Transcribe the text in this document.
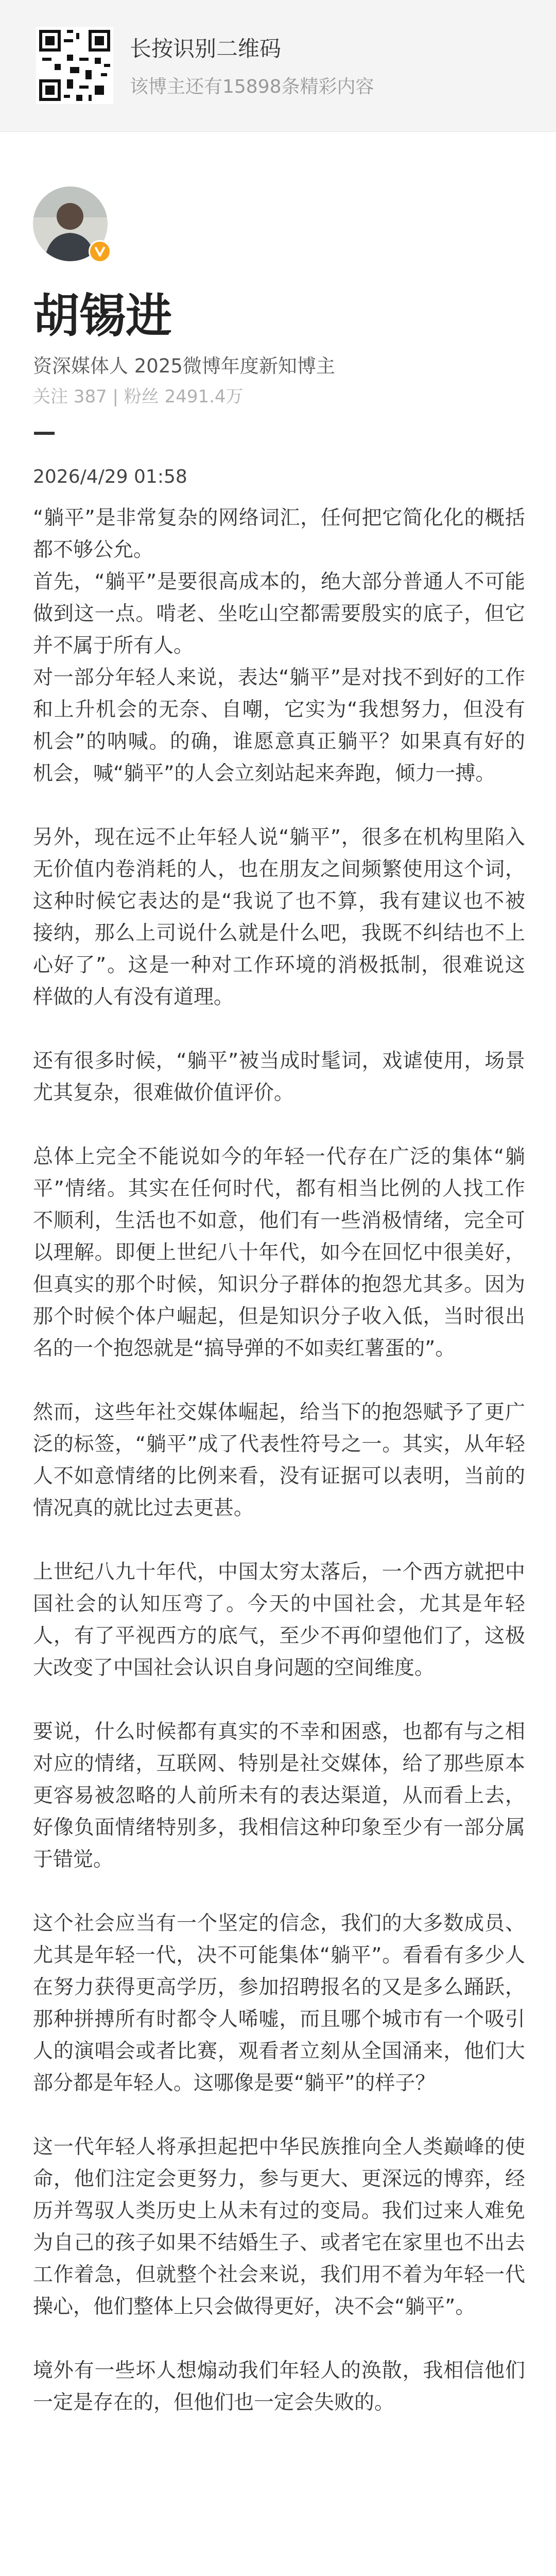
长按识别二维码
该博主还有15898条精彩内容
胡锡进
资深媒体人 2025微博年度新知博主
关注 387 | 粉丝 2491.4万
2026/4/29 01:58

“躺平”是非常复杂的网络词汇，任何把它简化化的概括都不够公允。

首先，“躺平”是要很高成本的，绝大部分普通人不可能做到这一点。啃老、坐吃山空都需要殷实的底子，但它并不属于所有人。

对一部分年轻人来说，表达“躺平”是对找不到好的工作和上升机会的无奈、自嘲，它实为“我想努力，但没有机会”的呐喊。的确，谁愿意真正躺平？如果真有好的机会，喊“躺平”的人会立刻站起来奔跑，倾力一搏。

另外，现在远不止年轻人说“躺平”，很多在机构里陷入无价值内卷消耗的人，也在朋友之间频繁使用这个词，这种时候它表达的是“我说了也不算，我有建议也不被接纳，那么上司说什么就是什么吧，我既不纠结也不上心好了”。这是一种对工作环境的消极抵制，很难说这样做的人有没有道理。

还有很多时候，“躺平”被当成时髦词，戏谑使用，场景尤其复杂，很难做价值评价。

总体上完全不能说如今的年轻一代存在广泛的集体“躺平”情绪。其实在任何时代，都有相当比例的人找工作不顺利，生活也不如意，他们有一些消极情绪，完全可以理解。即便上世纪八十年代，如今在回忆中很美好，但真实的那个时候，知识分子群体的抱怨尤其多。因为那个时候个体户崛起，但是知识分子收入低，当时很出名的一个抱怨就是“搞导弹的不如卖红薯蛋的”。

然而，这些年社交媒体崛起，给当下的抱怨赋予了更广泛的标签，“躺平”成了代表性符号之一。其实，从年轻人不如意情绪的比例来看，没有证据可以表明，当前的情况真的就比过去更甚。

上世纪八九十年代，中国太穷太落后，一个西方就把中国社会的认知压弯了。今天的中国社会，尤其是年轻人，有了平视西方的底气，至少不再仰望他们了，这极大改变了中国社会认识自身问题的空间维度。

要说，什么时候都有真实的不幸和困惑，也都有与之相对应的情绪，互联网、特别是社交媒体，给了那些原本更容易被忽略的人前所未有的表达渠道，从而看上去，好像负面情绪特别多，我相信这种印象至少有一部分属于错觉。

这个社会应当有一个坚定的信念，我们的大多数成员、尤其是年轻一代，决不可能集体“躺平”。看看有多少人在努力获得更高学历，参加招聘报名的又是多么踊跃，那种拼搏所有时都令人唏嘘，而且哪个城市有一个吸引人的演唱会或者比赛，观看者立刻从全国涌来，他们大部分都是年轻人。这哪像是要“躺平”的样子？

这一代年轻人将承担起把中华民族推向全人类巅峰的使命，他们注定会更努力，参与更大、更深远的博弈，经历并驾驭人类历史上从未有过的变局。我们过来人难免为自己的孩子如果不结婚生子、或者宅在家里也不出去工作着急，但就整个社会来说，我们用不着为年轻一代操心，他们整体上只会做得更好，决不会“躺平”。

境外有一些坏人想煽动我们年轻人的涣散，我相信他们一定是存在的，但他们也一定会失败的。
